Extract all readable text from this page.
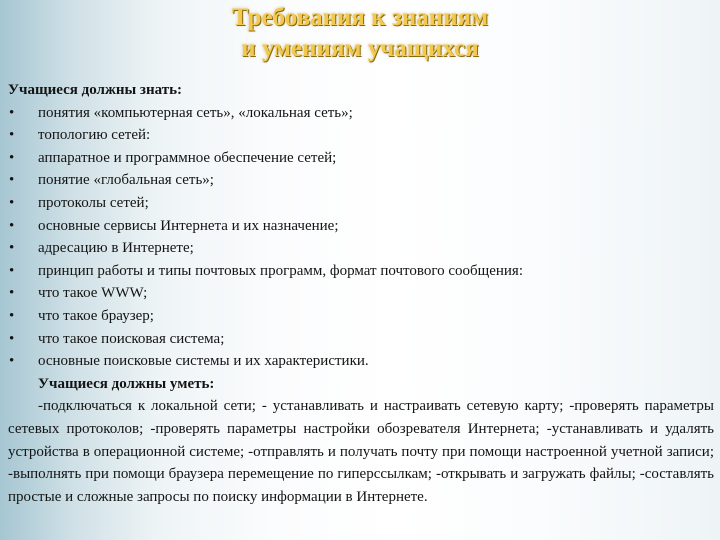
Требования к знаниям
и умениям учащихся
Учащиеся должны знать:
• понятия «компьютерная сеть», «локальная сеть»;
• топологию сетей:
• аппаратное и программное обеспечение сетей;
• понятие «глобальная сеть»;
• протоколы сетей;
• основные сервисы Интернета и их назначение;
• адресацию в Интернете;
• принцип работы и типы почтовых программ, формат почтового сообщения:
• что такое WWW;
• что такое браузер;
• что такое поисковая система;
• основные поисковые системы и их характеристики.
Учащиеся должны уметь:

-подключаться к локальной сети; - устанавливать и настраивать сетевую карту; -проверять параметры сетевых протоколов; -проверять параметры настройки обозревателя Интернета; -устанавливать и удалять устройства в операционной системе; -отправлять и получать почту при помощи настроенной учетной записи; -выполнять при помощи браузера перемещение по гиперссылкам; -открывать и загружать файлы; -составлять простые и сложные запросы по поиску информации в Интернете.
